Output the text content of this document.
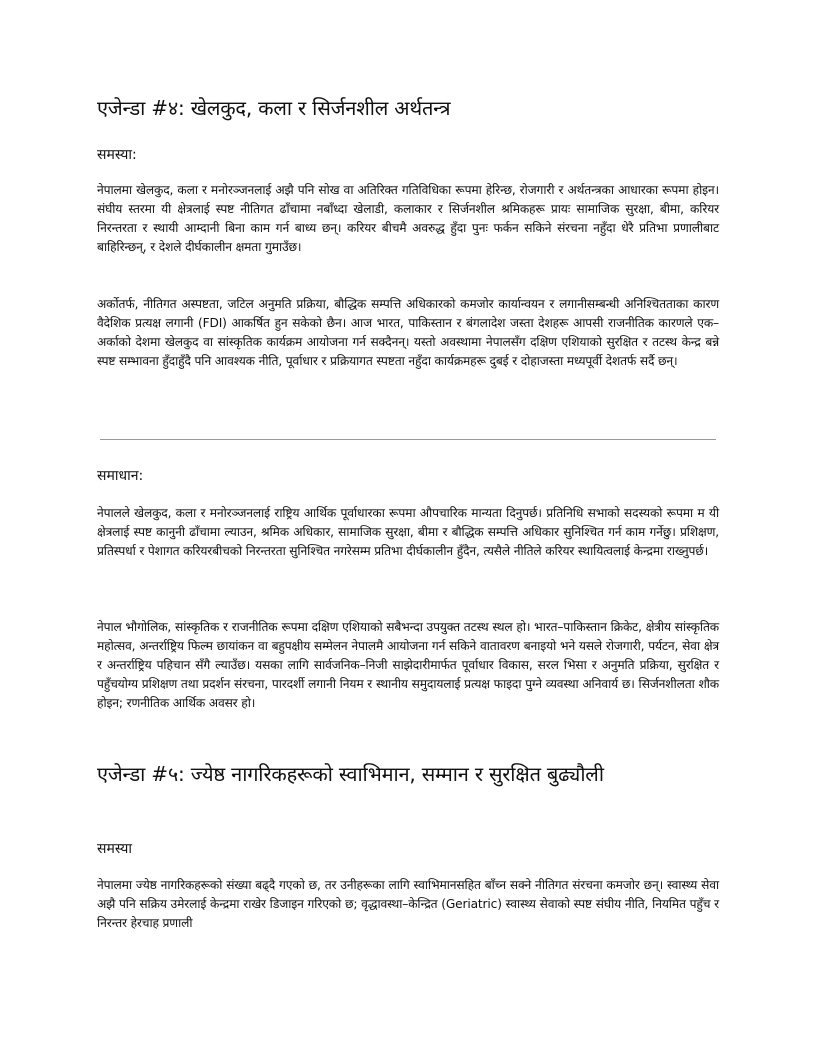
एजेन्डा #४: खेलकुद, कला र सिर्जनशील अर्थतन्त्र
समस्या:

नेपालमा खेलकुद, कला र मनोरञ्जनलाई अझै पनि सोख वा अतिरिक्त गतिविधिका रूपमा हेरिन्छ, रोजगारी र अर्थतन्त्रका आधारका रूपमा होइन। संघीय स्तरमा यी क्षेत्रलाई स्पष्ट नीतिगत ढाँचामा नबाँध्दा खेलाडी, कलाकार र सिर्जनशील श्रमिकहरू प्रायः सामाजिक सुरक्षा, बीमा, करियर निरन्तरता र स्थायी आम्दानी बिना काम गर्न बाध्य छन्। करियर बीचमै अवरुद्ध हुँदा पुनः फर्कन सकिने संरचना नहुँदा धेरै प्रतिभा प्रणालीबाट बाहिरिन्छन्, र देशले दीर्घकालीन क्षमता गुमाउँछ।

अर्कोतर्फ, नीतिगत अस्पष्टता, जटिल अनुमति प्रक्रिया, बौद्धिक सम्पत्ति अधिकारको कमजोर कार्यान्वयन र लगानीसम्बन्धी अनिश्चितताका कारण वैदेशिक प्रत्यक्ष लगानी (FDI) आकर्षित हुन सकेको छैन। आज भारत, पाकिस्तान र बंगलादेश जस्ता देशहरू आपसी राजनीतिक कारणले एक–अर्काको देशमा खेलकुद वा सांस्कृतिक कार्यक्रम आयोजना गर्न सक्दैनन्। यस्तो अवस्थामा नेपालसँग दक्षिण एशियाको सुरक्षित र तटस्थ केन्द्र बन्ने स्पष्ट सम्भावना हुँदाहुँदै पनि आवश्यक नीति, पूर्वाधार र प्रक्रियागत स्पष्टता नहुँदा कार्यक्रमहरू दुबई र दोहाजस्ता मध्यपूर्वी देशतर्फ सर्दै छन्।

समाधान:

नेपालले खेलकुद, कला र मनोरञ्जनलाई राष्ट्रिय आर्थिक पूर्वाधारका रूपमा औपचारिक मान्यता दिनुपर्छ। प्रतिनिधि सभाको सदस्यको रूपमा म यी क्षेत्रलाई स्पष्ट कानुनी ढाँचामा ल्याउन, श्रमिक अधिकार, सामाजिक सुरक्षा, बीमा र बौद्धिक सम्पत्ति अधिकार सुनिश्चित गर्न काम गर्नेछु। प्रशिक्षण, प्रतिस्पर्धा र पेशागत करियरबीचको निरन्तरता सुनिश्चित नगरेसम्म प्रतिभा दीर्घकालीन हुँदैन, त्यसैले नीतिले करियर स्थायित्वलाई केन्द्रमा राख्नुपर्छ।

नेपाल भौगोलिक, सांस्कृतिक र राजनीतिक रूपमा दक्षिण एशियाको सबैभन्दा उपयुक्त तटस्थ स्थल हो। भारत–पाकिस्तान क्रिकेट, क्षेत्रीय सांस्कृतिक महोत्सव, अन्तर्राष्ट्रिय फिल्म छायांकन वा बहुपक्षीय सम्मेलन नेपालमै आयोजना गर्न सकिने वातावरण बनाइयो भने यसले रोजगारी, पर्यटन, सेवा क्षेत्र र अन्तर्राष्ट्रिय पहिचान सँगै ल्याउँछ। यसका लागि सार्वजनिक–निजी साझेदारीमार्फत पूर्वाधार विकास, सरल भिसा र अनुमति प्रक्रिया, सुरक्षित र पहुँचयोग्य प्रशिक्षण तथा प्रदर्शन संरचना, पारदर्शी लगानी नियम र स्थानीय समुदायलाई प्रत्यक्ष फाइदा पुग्ने व्यवस्था अनिवार्य छ। सिर्जनशीलता शौक होइन; रणनीतिक आर्थिक अवसर हो।

एजेन्डा #५: ज्येष्ठ नागरिकहरूको स्वाभिमान, सम्मान र सुरक्षित बुढ्यौली
समस्या

नेपालमा ज्येष्ठ नागरिकहरूको संख्या बढ्दै गएको छ, तर उनीहरूका लागि स्वाभिमानसहित बाँच्न सक्ने नीतिगत संरचना कमजोर छन्। स्वास्थ्य सेवा अझै पनि सक्रिय उमेरलाई केन्द्रमा राखेर डिजाइन गरिएको छ; वृद्धावस्था–केन्द्रित (Geriatric) स्वास्थ्य सेवाको स्पष्ट संघीय नीति, नियमित पहुँच र निरन्तर हेरचाह प्रणाली
